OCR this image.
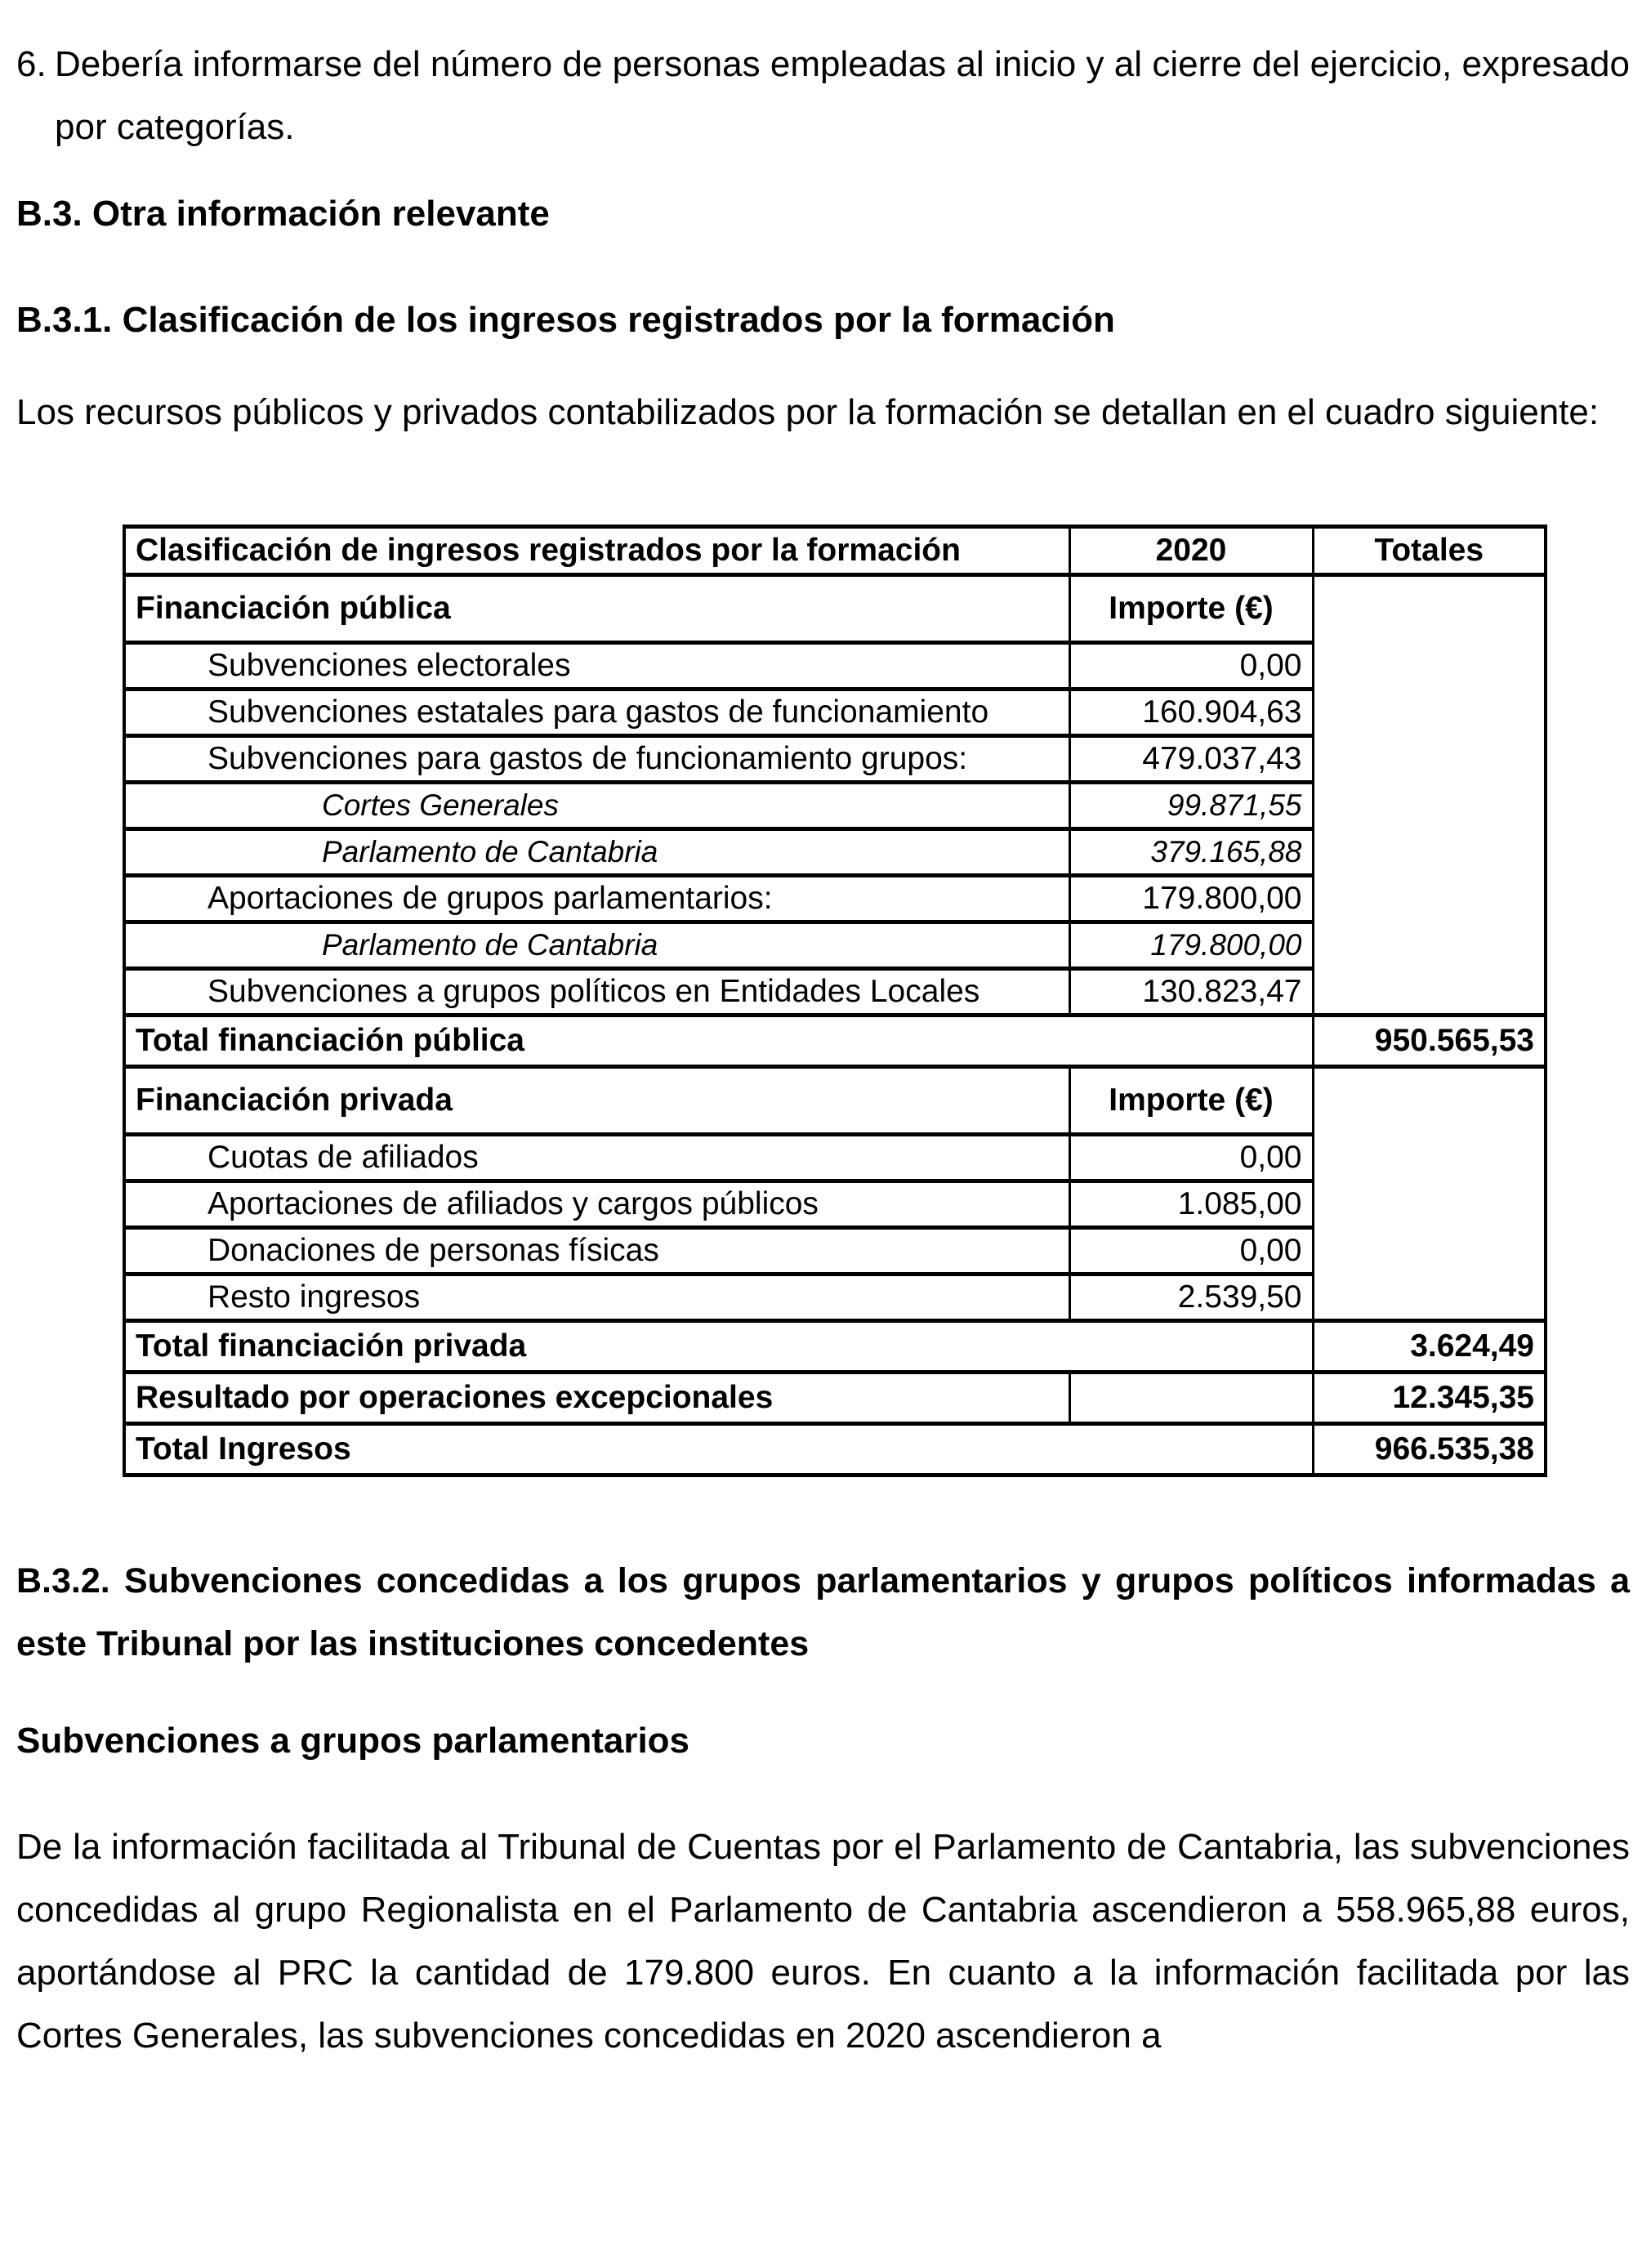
6. Debería informarse del número de personas empleadas al inicio y al cierre del ejercicio, expresado por categorías.
B.3. Otra información relevante
B.3.1. Clasificación de los ingresos registrados por la formación
Los recursos públicos y privados contabilizados por la formación se detallan en el cuadro siguiente:
Clasificación de ingresos registrados por la formación	2020	Totales
Financiación pública	Importe (€)	
Subvenciones electorales	0,00	
Subvenciones estatales para gastos de funcionamiento	160.904,63	
Subvenciones para gastos de funcionamiento grupos:	479.037,43	
Cortes Generales	99.871,55	
Parlamento de Cantabria	379.165,88	
Aportaciones de grupos parlamentarios:	179.800,00	
Parlamento de Cantabria	179.800,00	
Subvenciones a grupos políticos en Entidades Locales	130.823,47	
Total financiación pública		950.565,53
Financiación privada	Importe (€)	
Cuotas de afiliados	0,00	
Aportaciones de afiliados y cargos públicos	1.085,00	
Donaciones de personas físicas	0,00	
Resto ingresos	2.539,50	
Total financiación privada		3.624,49
Resultado por operaciones excepcionales		12.345,35
Total Ingresos		966.535,38
B.3.2. Subvenciones concedidas a los grupos parlamentarios y grupos políticos informadas a este Tribunal por las instituciones concedentes
Subvenciones a grupos parlamentarios
De la información facilitada al Tribunal de Cuentas por el Parlamento de Cantabria, las subvenciones concedidas al grupo Regionalista en el Parlamento de Cantabria ascendieron a 558.965,88 euros, aportándose al PRC la cantidad de 179.800 euros. En cuanto a la información facilitada por las Cortes Generales, las subvenciones concedidas en 2020 ascendieron a
